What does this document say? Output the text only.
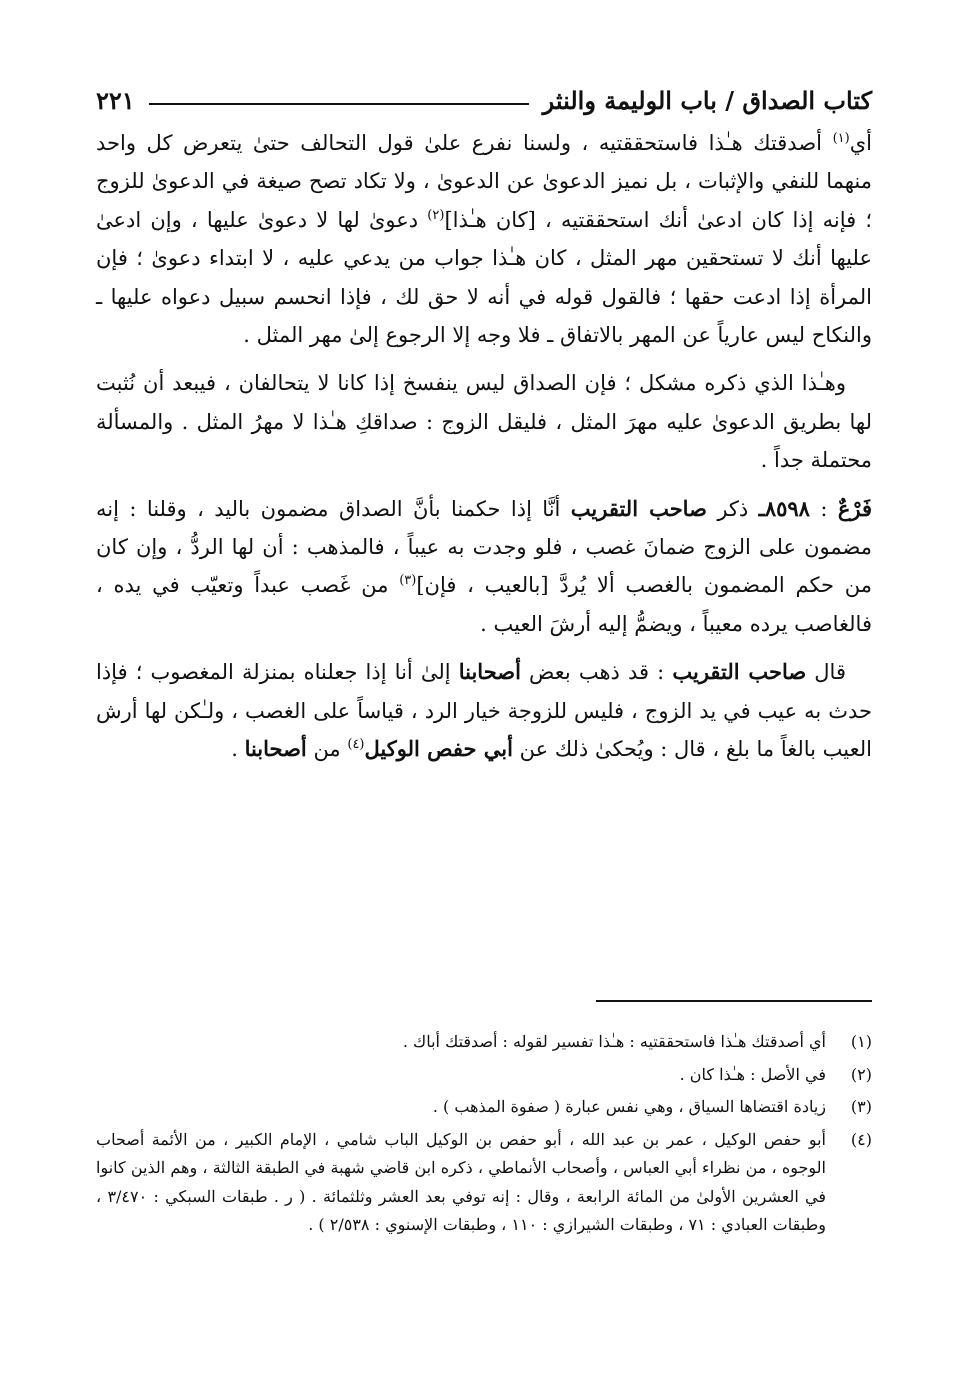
كتاب الصداق / باب الوليمة والنثر
٢٢١

أي$^{(١)}$ أصدقتك هـٰذا فاستحققتيه ، ولسنا نفرع علىٰ قول التحالف حتىٰ يتعرض كل واحد منهما للنفي والإثبات ، بل نميز الدعوىٰ عن الدعوىٰ ، ولا تكاد تصح صيغة في الدعوىٰ للزوج ؛ فإنه إذا كان ادعىٰ أنك استحققتيه ، [كان هـٰذا]$^{(٢)}$ دعوىٰ لها لا دعوىٰ عليها ، وإن ادعىٰ عليها أنك لا تستحقين مهر المثل ، كان هـٰذا جواب من يدعي عليه ، لا ابتداء دعوىٰ ؛ فإن المرأة إذا ادعت حقها ؛ فالقول قوله في أنه لا حق لك ، فإذا انحسم سبيل دعواه عليها ـ والنكاح ليس عارياً عن المهر بالاتفاق ـ فلا وجه إلا الرجوع إلىٰ مهر المثل .

وهـٰذا الذي ذكره مشكل ؛ فإن الصداق ليس ينفسخ إذا كانا لا يتحالفان ، فيبعد أن نُثبت لها بطريق الدعوىٰ عليه مهرَ المثل ، فليقل الزوج : صداقكِ هـٰذا لا مهرُ المثل . والمسألة محتملة جداً .

فَرْعٌ : ٨٥٩٨ـ ذكر صاحب التقريب أنَّا إذا حكمنا بأنَّ الصداق مضمون باليد ، وقلنا : إنه مضمون على الزوج ضمانَ غصب ، فلو وجدت به عيباً ، فالمذهب : أن لها الردُّ ، وإن كان من حكم المضمون بالغصب ألا يُردَّ [بالعيب ، فإن]$^{(٣)}$ من غَصب عبداً وتعيّب في يده ، فالغاصب يرده معيباً ، ويضمُّ إليه أرشَ العيب .

قال صاحب التقريب : قد ذهب بعض أصحابنا إلىٰ أنا إذا جعلناه بمنزلة المغصوب ؛ فإذا حدث به عيب في يد الزوج ، فليس للزوجة خيار الرد ، قياساً على الغصب ، ولـٰكن لها أرش العيب بالغاً ما بلغ ، قال : ويُحكىٰ ذلك عن أبي حفص الوكيل$^{(٤)}$ من أصحابنا .

(١)
أي أصدقتك هـٰذا فاستحققتيه : هـٰذا تفسير لقوله : أصدقتك أباك .
(٢)
في الأصل : هـٰذا كان .
(٣)
زيادة اقتضاها السياق ، وهي نفس عبارة ( صفوة المذهب ) .
(٤)
أبو حفص الوكيل ، عمر بن عبد الله ، أبو حفص بن الوكيل الباب شامي ، الإمام الكبير ، من الأئمة أصحاب الوجوه ، من نظراء أبي العباس ، وأصحاب الأنماطي ، ذكره ابن قاضي شهبة في الطبقة الثالثة ، وهم الذين كانوا في العشرين الأولىٰ من المائة الرابعة ، وقال : إنه توفي بعد العشر وثلثمائة . ( ر . طبقات السبكي : ٣/٤٧٠ ، وطبقات العبادي : ٧١ ، وطبقات الشيرازي : ١١٠ ، وطبقات الإسنوي : ٢/٥٣٨ ) .
